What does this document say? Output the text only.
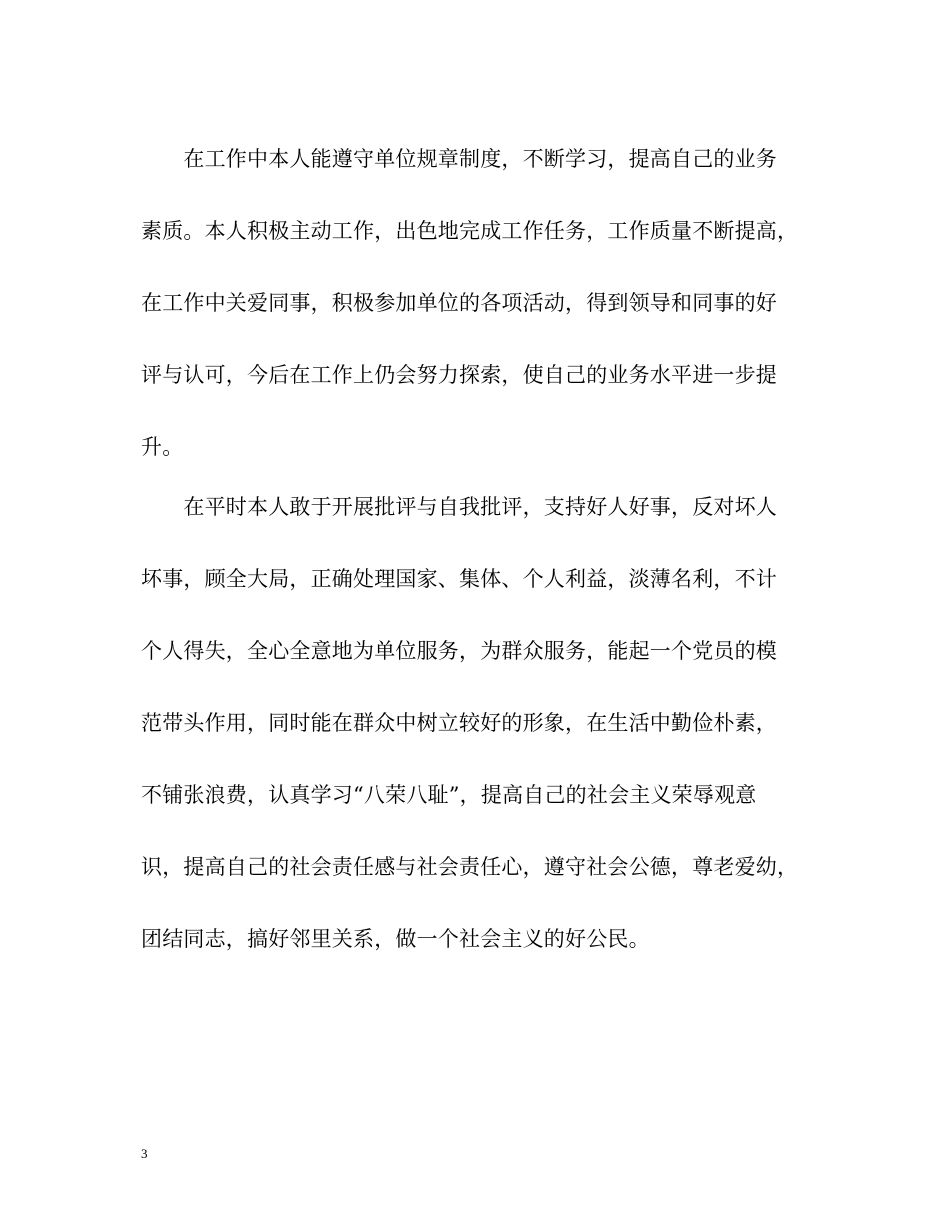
　　在工作中本人能遵守单位规章制度，不断学习，提高自己的业务
素质。本人积极主动工作，出色地完成工作任务，工作质量不断提高，
在工作中关爱同事，积极参加单位的各项活动，得到领导和同事的好
评与认可，今后在工作上仍会努力探索，使自己的业务水平进一步提
升。
　　在平时本人敢于开展批评与自我批评，支持好人好事，反对坏人
坏事，顾全大局，正确处理国家、集体、个人利益，淡薄名利，不计
个人得失，全心全意地为单位服务，为群众服务，能起一个党员的模
范带头作用，同时能在群众中树立较好的形象，在生活中勤俭朴素，
不铺张浪费，认真学习“八荣八耻”，提高自己的社会主义荣辱观意
识，提高自己的社会责任感与社会责任心，遵守社会公德，尊老爱幼，
团结同志，搞好邻里关系，做一个社会主义的好公民。
3
